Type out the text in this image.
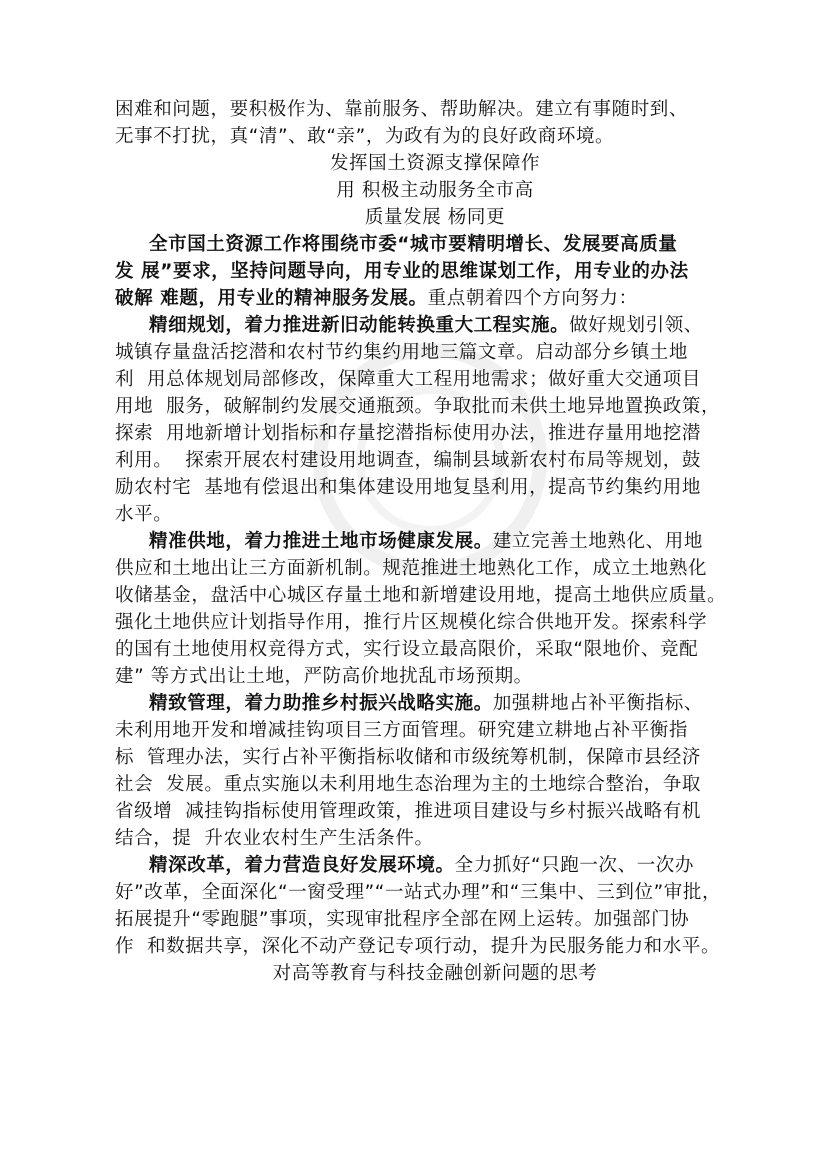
困难和问题，要积极作为、靠前服务、帮助解决。建立有事随时到、
无事不打扰，真“清”、敢“亲”，为政有为的良好政商环境。
发挥国土资源支撑保障作
用 积极主动服务全市高
质量发展 杨同更
全市国土资源工作将围绕市委“城市要精明增长、发展要高质量
发 展”要求，坚持问题导向，用专业的思维谋划工作，用专业的办法
破解 难题，用专业的精神服务发展。重点朝着四个方向努力：
精细规划，着力推进新旧动能转换重大工程实施。做好规划引领、
城镇存量盘活挖潜和农村节约集约用地三篇文章。启动部分乡镇土地
利  用总体规划局部修改，保障重大工程用地需求；做好重大交通项目
用地  服务，破解制约发展交通瓶颈。争取批而未供土地异地置换政策，
探索  用地新增计划指标和存量挖潜指标使用办法，推进存量用地挖潜
利用。  探索开展农村建设用地调查，编制县域新农村布局等规划，鼓
励农村宅  基地有偿退出和集体建设用地复垦利用，提高节约集约用地
水平。
精准供地，着力推进土地市场健康发展。建立完善土地熟化、用地
供应和土地出让三方面新机制。规范推进土地熟化工作，成立土地熟化
收储基金，盘活中心城区存量土地和新增建设用地，提高土地供应质量。
强化土地供应计划指导作用，推行片区规模化综合供地开发。探索科学
的国有土地使用权竞得方式，实行设立最高限价，采取“限地价、竞配
建” 等方式出让土地，严防高价地扰乱市场预期。
精致管理，着力助推乡村振兴战略实施。加强耕地占补平衡指标、
未利用地开发和增减挂钩项目三方面管理。研究建立耕地占补平衡指
标  管理办法，实行占补平衡指标收储和市级统筹机制，保障市县经济
社会  发展。重点实施以未利用地生态治理为主的土地综合整治，争取
省级增  减挂钩指标使用管理政策，推进项目建设与乡村振兴战略有机
结合，提  升农业农村生产生活条件。
精深改革，着力营造良好发展环境。全力抓好“只跑一次、一次办
好”改革，全面深化“一窗受理”“一站式办理”和“三集中、三到位”审批，
拓展提升“零跑腿”事项，实现审批程序全部在网上运转。加强部门协
作  和数据共享，深化不动产登记专项行动，提升为民服务能力和水平。
对高等教育与科技金融创新问题的思考
